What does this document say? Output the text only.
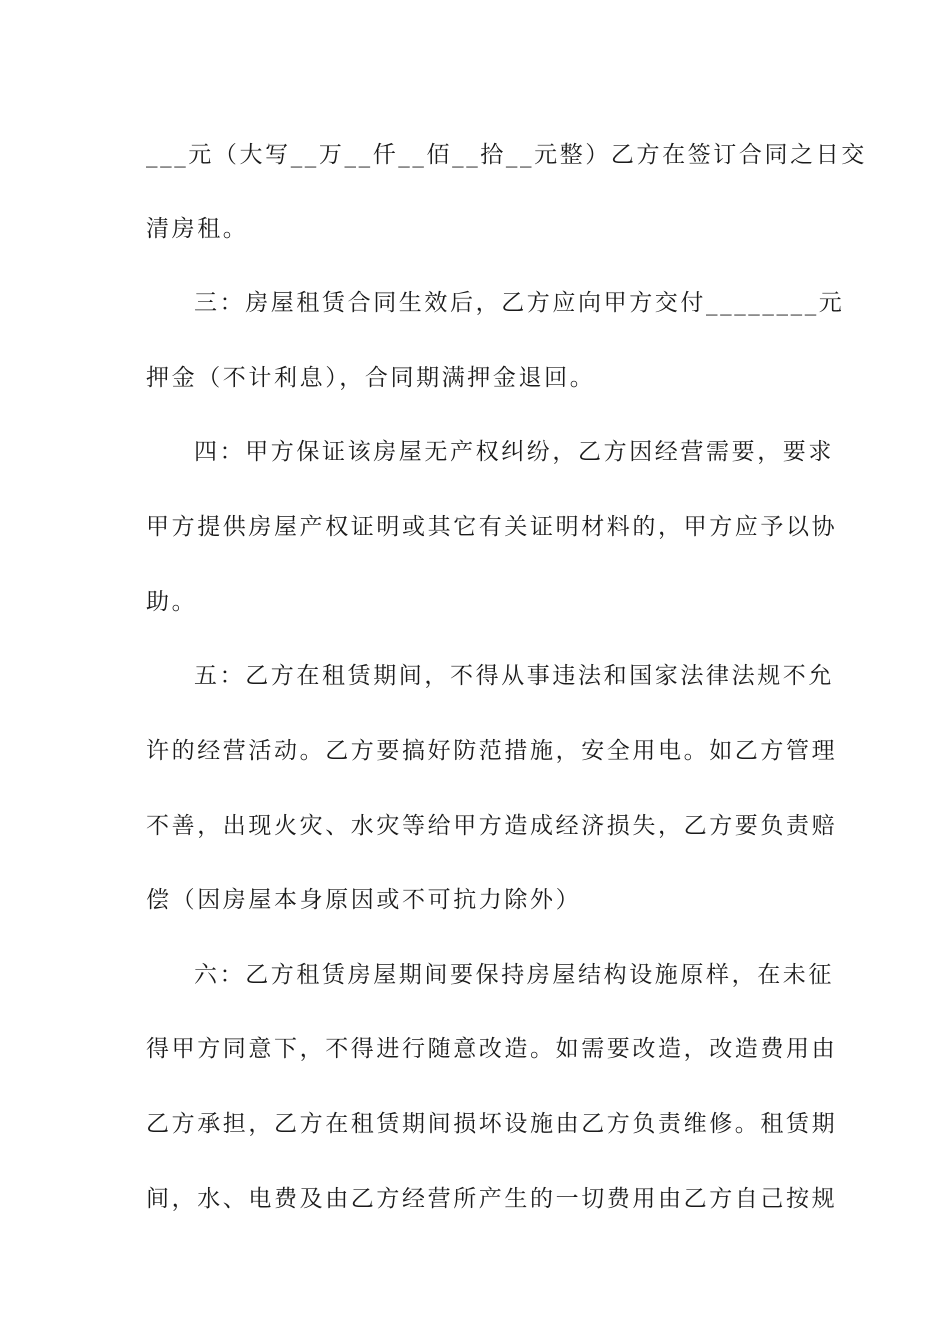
___元（大写__万__仟__佰__拾__元整）乙方在签订合同之日交
清房租。
三：房屋租赁合同生效后，乙方应向甲方交付________元
押金（不计利息），合同期满押金退回。
四：甲方保证该房屋无产权纠纷，乙方因经营需要，要求
甲方提供房屋产权证明或其它有关证明材料的，甲方应予以协
助。
五：乙方在租赁期间，不得从事违法和国家法律法规不允
许的经营活动。乙方要搞好防范措施，安全用电。如乙方管理
不善，出现火灾、水灾等给甲方造成经济损失，乙方要负责赔
偿（因房屋本身原因或不可抗力除外）
六：乙方租赁房屋期间要保持房屋结构设施原样，在未征
得甲方同意下，不得进行随意改造。如需要改造，改造费用由
乙方承担，乙方在租赁期间损坏设施由乙方负责维修。租赁期
间，水、电费及由乙方经营所产生的一切费用由乙方自己按规
